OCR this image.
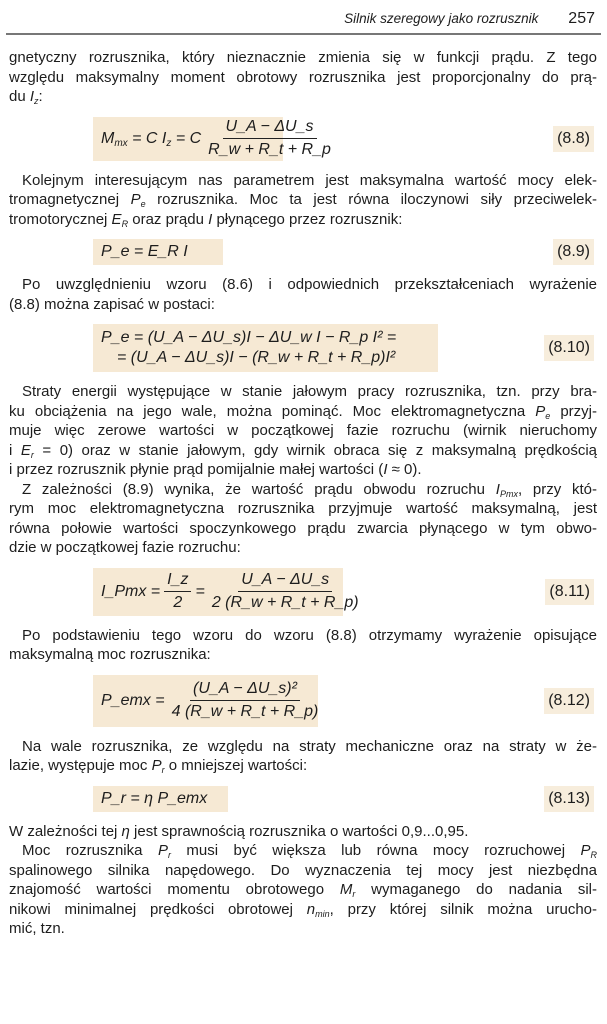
Silnik szeregowy jako rozrusznik 257
gnetyczny rozrusznika, który nieznacznie zmienia się w funkcji prądu. Z tego
względu maksymalny moment obrotowy rozrusznika jest proporcjonalny do prą-
du $I_z$:
$M_{mx} = C$ $I_z = C \frac{U\_A - \Delta U\_s}{R\_w + R\_t + R\_p}$	(8.8)
Kolejnym interesującym nas parametrem jest maksymalna wartość mocy elek-
tromagnetycznej $P_e$ rozrusznika. Moc ta jest równa iloczynowi siły przeciwelek-
tromotorycznej $E_R$ oraz prądu I płynącego przez rozrusznik:
P_e = E_R I	(8.9)
Po uwzględnieniu wzoru (8.6) i odpowiednich przekształceniach wyrażenie
(8.8) można zapisać w postaci:
P_e = (U_A − ΔU_s)I − ΔU_w I − R_p I² =
= (U_A − ΔU_s)I − (R_w + R_t + R_p)I²
(8.10)
Straty energii występujące w stanie jałowym pracy rozrusznika, tzn. przy bra-
ku obciążenia na jego wale, można pominąć. Moc elektromagnetyczna $P_e$ przyj-
muje więc zerowe wartości w początkowej fazie rozruchu (wirnik nieruchomy
i $E_r = 0$) oraz w stanie jałowym, gdy wirnik obraca się z maksymalną prędkością
i przez rozrusznik płynie prąd pomijalnie małej wartości (I ≈ 0).
Z zależności (8.9) wynika, że wartość prądu obwodu rozruchu $I_{Pmx}$, przy któ-
rym moc elektromagnetyczna rozrusznika przyjmuje wartość maksymalną, jest
równa połowie wartości spoczynkowego prądu zwarcia płynącego w tym obwo-
dzie w początkowej fazie rozruchu:
I_Pmx = $\frac{I\_z}{2} = \frac{U\_A - \Delta U\_s}{2 (R\_w + R\_t + R\_p)}$	(8.11)
Po podstawieniu tego wzoru do wzoru (8.8) otrzymamy wyrażenie opisujące
maksymalną moc rozrusznika:
P_emx = $\frac{\text{(U\_A − ΔU\_s)²}}{4 (R\_w + R\_t + R\_p)}$	(8.12)
Na wale rozrusznika, ze względu na straty mechaniczne oraz na straty w że-
lazie, występuje moc $P_r$ o mniejszej wartości:
P_r = η P_emx	(8.13)
W zależności tej η jest sprawnością rozrusznika o wartości 0,9...0,95.
Moc rozrusznika $P_r$ musi być większa lub równa mocy rozruchowej $P_R$
spalinowego silnika napędowego. Do wyznaczenia tej mocy jest niezbędna
znajomość wartości momentu obrotowego $M_r$ wymaganego do nadania sil-
nikowi minimalnej prędkości obrotowej $n_{min}$, przy której silnik można urucho-
mić, tzn.
